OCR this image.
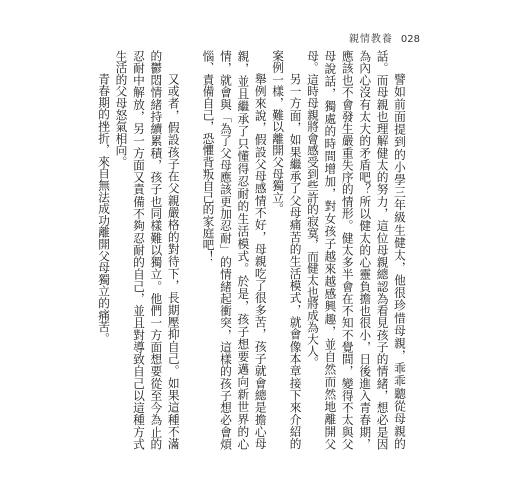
親情教養 028

譬如前面提到的小學三年級生健太，他很珍惜母親，乖乖聽從母親的話。而母親也理解健太的努力，這位母親總認為看見孩子的情緒，想必是因為內心沒有太大的矛盾吧？所以健太的心靈負擔也很小，日後進入青春期，應該也不會發生嚴重失序的情形。健太多半會在不知不覺間，變得不太與父母說話，獨處的時間增加，對女孩子越來越感興趣，並自然而然地離開父母。這時母親將會感受到些許的寂寞，而健太也將成為大人。

另一方面，如果繼承了父母痛苦的生活模式，就會像本章接下來介紹的案例一樣，難以離開父母獨立。

舉例來說，假設父母感情不好，母親吃了很多苦，孩子就會總是擔心母親，並且繼承了只懂得忍耐的生活模式。於是，孩子想要邁向新世界的心情，就會與「為了父母應該更加忍耐」的情緒起衝突，這樣的孩子想必會煩惱、責備自己，恐懼背叛自己的家庭吧！

又或者，假設孩子在父親嚴格的對待下，長期壓抑自己。如果這種不滿的鬱悶情緒持續累積，孩子也同樣難以獨立。他們一方面想要從至今為止的忍耐中解放，另一方面又責備不夠忍耐的自己，並且對導致自己以這種方式生活的父母怒氣相向。

青春期的挫折，來自無法成功離開父母獨立的痛苦。
